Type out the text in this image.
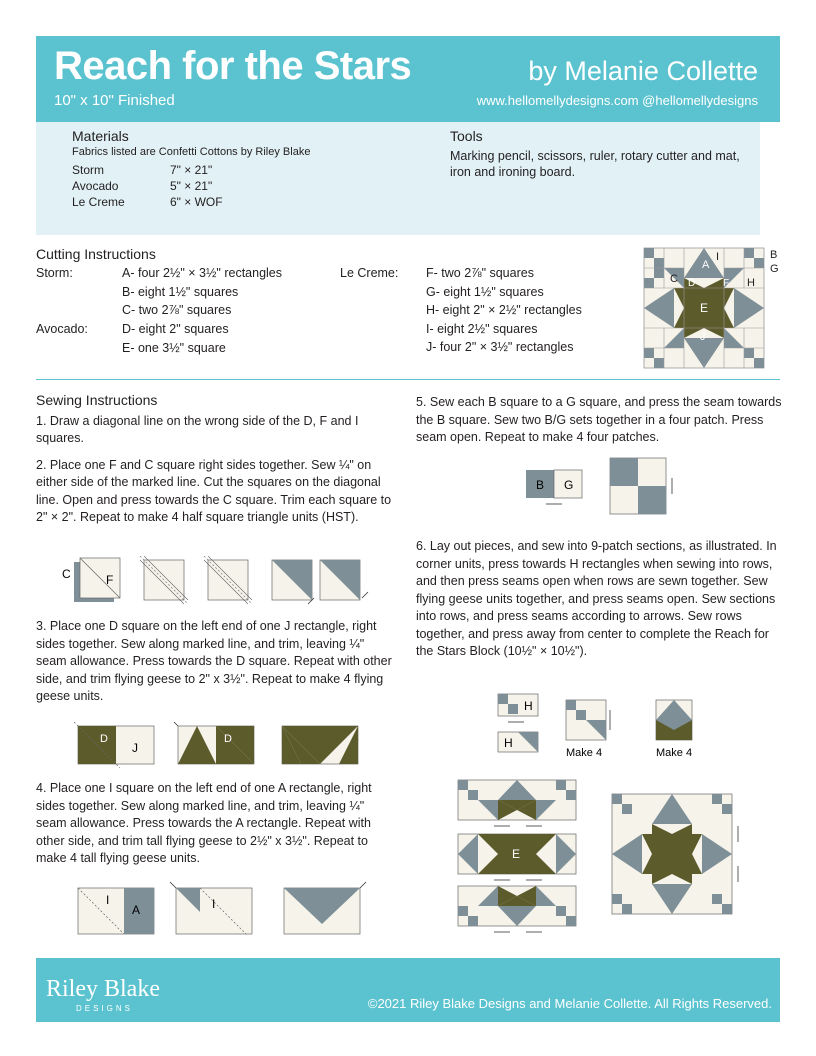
Reach for the Stars
10" x 10" Finished
by Melanie Collette
www.hellomellydesigns.com @hellomellydesigns
Materials
Fabrics listed are Confetti Cottons by Riley Blake
Storm	7" × 21"
Avocado	5" × 21"
Le Creme	6" × WOF
Tools
Marking pencil, scissors, ruler, rotary cutter and mat, iron and ironing board.
Cutting Instructions
Storm:	A- four 2½" × 3½" rectangles
B- eight 1½" squares
C- two 2⅞" squares
Avocado:	D- eight 2" squares
E- one 3½" square
Le Creme: F- two 2⅞" squares
G- eight 1½" squares
H- eight 2" × 2½" rectangles
I- eight 2½" squares
J- four 2" × 3½" rectangles
A
I	B
G
C D	F H
E
J
Sewing Instructions

1. Draw a diagonal line on the wrong side of the D, F and I squares.

2. Place one F and C square right sides together. Sew ¼" on either side of the marked line. Cut the squares on the diagonal line. Open and press towards the C square. Trim each square to 2" × 2". Repeat to make 4 half square triangle units (HST).

C	F

3. Place one D square on the left end of one J rectangle, right sides together. Sew along marked line, and trim, leaving ¼" seam allowance. Press towards the D square. Repeat with other side, and trim flying geese to 2" x 3½". Repeat to make 4 flying geese units.

D
J
D

4. Place one I square on the left end of one A rectangle, right sides together. Sew along marked line, and trim, leaving ¼" seam allowance. Press towards the A rectangle. Repeat with other side, and trim tall flying geese to 2½" x 3½". Repeat to make 4 tall flying geese units.

I
A	I

5. Sew each B square to a G square, and press the seam towards the B square. Sew two B/G sets together in a four patch. Press seam open. Repeat to make 4 four patches.

B G

6. Lay out pieces, and sew into 9-patch sections, as illustrated. In corner units, press towards H rectangles when sewing into rows, and then press seams open when rows are sewn together. Sew flying geese units together, and press seams open. Sew sections into rows, and press seams according to arrows. Sew rows together, and press away from center to complete the Reach for the Stars Block (10½" × 10½").

H
H
Make 4	Make 4
E
Riley Blake
DESIGNS	©2021 Riley Blake Designs and Melanie Collette. All Rights Reserved.
